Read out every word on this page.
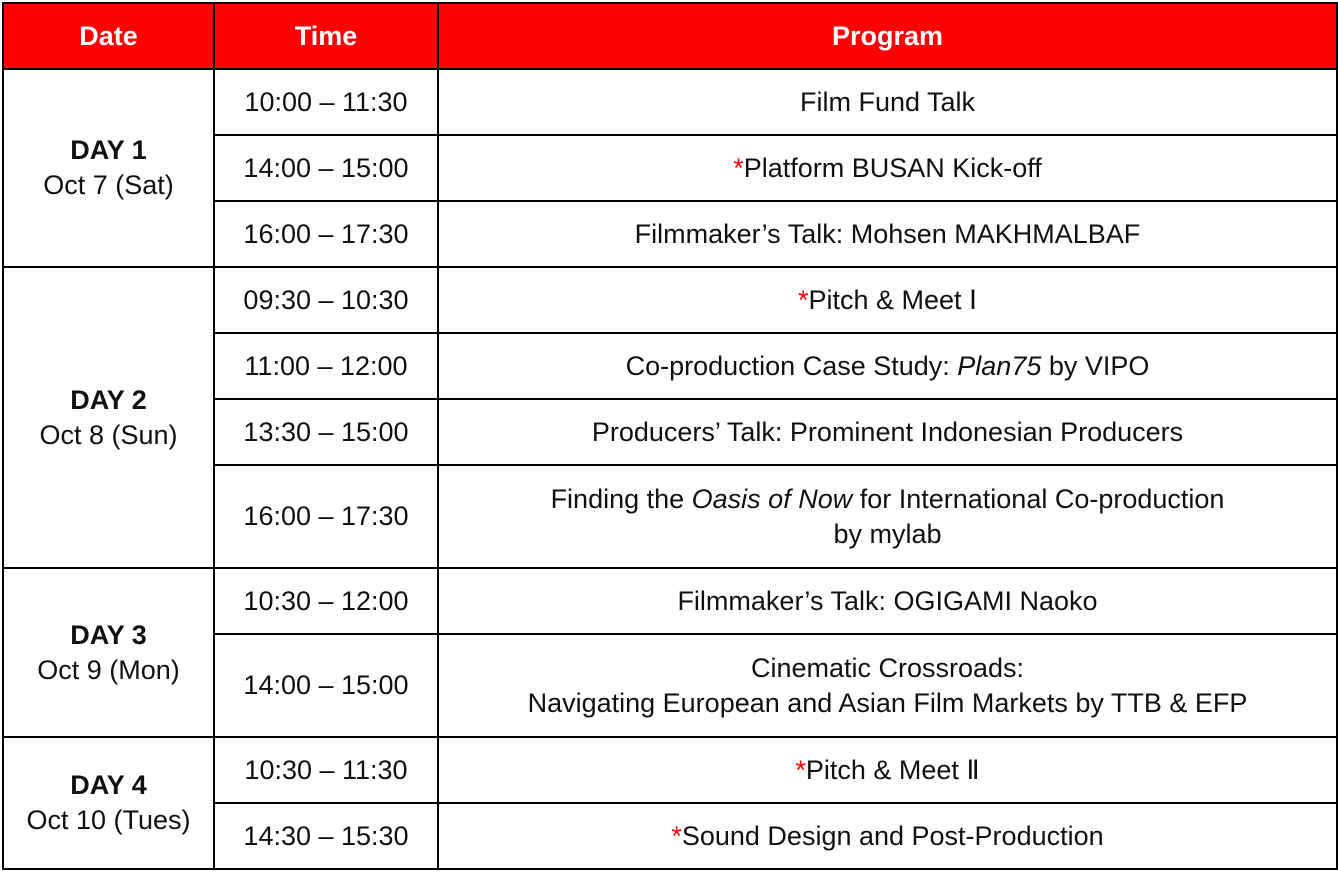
Date	Time	Program

DAY 1
Oct 7 (Sat)	10:00 – 11:30	Film Fund Talk
	14:00 – 15:00	*Platform BUSAN Kick-off
	16:00 – 17:30	Filmmaker’s Talk: Mohsen MAKHMALBAF

DAY 2
Oct 8 (Sun)	09:30 – 10:30	*Pitch & Meet Ⅰ
	11:00 – 12:00	Co-production Case Study: Plan75 by VIPO
	13:30 – 15:00	Producers’ Talk: Prominent Indonesian Producers
	16:00 – 17:30	Finding the Oasis of Now for International Co-production
by mylab

DAY 3
Oct 9 (Mon)	10:30 – 12:00	Filmmaker’s Talk: OGIGAMI Naoko
	14:00 – 15:00	Cinematic Crossroads:
Navigating European and Asian Film Markets by TTB & EFP

DAY 4
Oct 10 (Tues)	10:30 – 11:30	*Pitch & Meet Ⅱ
	14:30 – 15:30	*Sound Design and Post-Production
